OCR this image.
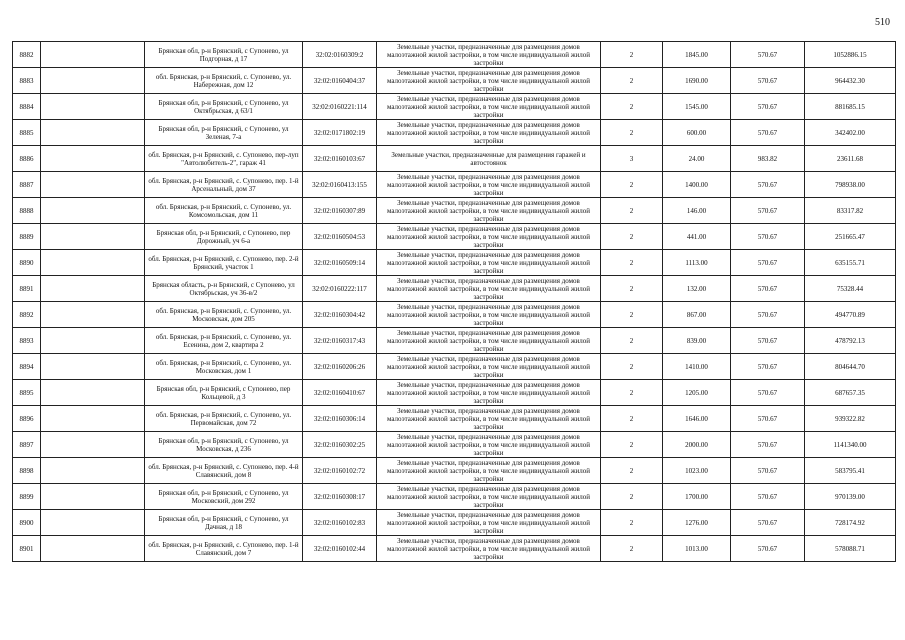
510
8882		Брянская обл, р-н Брянский, с Супонево, ул Подгорная, д 17	32:02:0160309:2	Земельные участки, предназначенные для размещения домов малоэтажной жилой застройки, в том числе индивидуальной жилой застройки	2	1845.00	570.67	1052886.15
8883		обл. Брянская, р-н Брянский, с. Супонево, ул. Набережная, дом 12	32:02:0160404:37	Земельные участки, предназначенные для размещения домов малоэтажной жилой застройки, в том числе индивидуальной жилой застройки	2	1690.00	570.67	964432.30
8884		Брянская обл, р-н Брянский, с Супонево, ул Октябрьская, д 63/1	32:02:0160221:114	Земельные участки, предназначенные для размещения домов малоэтажной жилой застройки, в том числе индивидуальной жилой застройки	2	1545.00	570.67	881685.15
8885		Брянская обл, р-н Брянский, с Супонево, ул Зеленая, 7-а	32:02:0171802:19	Земельные участки, предназначенные для размещения домов малоэтажной жилой застройки, в том числе индивидуальной жилой застройки	2	600.00	570.67	342402.00
8886		обл. Брянская, р-н Брянский, с. Супонево, пер-луп "Автолюбитель-2", гараж 41	32:02:0160103:67	Земельные участки, предназначенные для размещения гаражей и автостоянок	3	24.00	983.82	23611.68
8887		обл. Брянская, р-н Брянский, с. Супонево, пер. 1-й Арсенальный, дом 37	32:02:0160413:155	Земельные участки, предназначенные для размещения домов малоэтажной жилой застройки, в том числе индивидуальной жилой застройки	2	1400.00	570.67	798938.00
8888		обл. Брянская, р-н Брянский, с. Супонево, ул. Комсомольская, дом 11	32:02:0160307:89	Земельные участки, предназначенные для размещения домов малоэтажной жилой застройки, в том числе индивидуальной жилой застройки	2	146.00	570.67	83317.82
8889		Брянская обл, р-н Брянский, с Супонево, пер Дорожный, уч 6-а	32:02:0160504:53	Земельные участки, предназначенные для размещения домов малоэтажной жилой застройки, в том числе индивидуальной жилой застройки	2	441.00	570.67	251665.47
8890		обл. Брянская, р-н Брянский, с. Супонево, пер. 2-й Брянский, участок 1	32:02:0160509:14	Земельные участки, предназначенные для размещения домов малоэтажной жилой застройки, в том числе индивидуальной жилой застройки	2	1113.00	570.67	635155.71
8891		Брянская область, р-н Брянский, с Супонево, ул Октябрьская, уч 36-в/2	32:02:0160222:117	Земельные участки, предназначенные для размещения домов малоэтажной жилой застройки, в том числе индивидуальной жилой застройки	2	132.00	570.67	75328.44
8892		обл. Брянская, р-н Брянский, с. Супонево, ул. Московская, дом 205	32:02:0160304:42	Земельные участки, предназначенные для размещения домов малоэтажной жилой застройки, в том числе индивидуальной жилой застройки	2	867.00	570.67	494770.89
8893		обл. Брянская, р-н Брянский, с. Супонево, ул. Есенина, дом 2, квартира 2	32:02:0160317:43	Земельные участки, предназначенные для размещения домов малоэтажной жилой застройки, в том числе индивидуальной жилой застройки	2	839.00	570.67	478792.13
8894		обл. Брянская, р-н Брянский, с. Супонево, ул. Московская, дом 1	32:02:0160206:26	Земельные участки, предназначенные для размещения домов малоэтажной жилой застройки, в том числе индивидуальной жилой застройки	2	1410.00	570.67	804644.70
8895		Брянская обл, р-н Брянский, с Супонево, пер Кольцевой, д 3	32:02:0160410:67	Земельные участки, предназначенные для размещения домов малоэтажной жилой застройки, в том числе индивидуальной жилой застройки	2	1205.00	570.67	687657.35
8896		обл. Брянская, р-н Брянский, с. Супонево, ул. Первомайская, дом 72	32:02:0160306:14	Земельные участки, предназначенные для размещения домов малоэтажной жилой застройки, в том числе индивидуальной жилой застройки	2	1646.00	570.67	939322.82
8897		Брянская обл, р-н Брянский, с Супонево, ул Московская, д 236	32:02:0160302:25	Земельные участки, предназначенные для размещения домов малоэтажной жилой застройки, в том числе индивидуальной жилой застройки	2	2000.00	570.67	1141340.00
8898		обл. Брянская, р-н Брянский, с. Супонево, пер. 4-й Славянский, дом 8	32:02:0160102:72	Земельные участки, предназначенные для размещения домов малоэтажной жилой застройки, в том числе индивидуальной жилой застройки	2	1023.00	570.67	583795.41
8899		Брянская обл, р-н Брянский, с Супонево, ул Московский, дом 292	32:02:0160308:17	Земельные участки, предназначенные для размещения домов малоэтажной жилой застройки, в том числе индивидуальной жилой застройки	2	1700.00	570.67	970139.00
8900		Брянская обл, р-н Брянский, с Супонево, ул Дачная, д 18	32:02:0160102:83	Земельные участки, предназначенные для размещения домов малоэтажной жилой застройки, в том числе индивидуальной жилой застройки	2	1276.00	570.67	728174.92
8901		обл. Брянская, р-н Брянский, с. Супонево, пер. 1-й Славянский, дом 7	32:02:0160102:44	Земельные участки, предназначенные для размещения домов малоэтажной жилой застройки, в том числе индивидуальной жилой застройки	2	1013.00	570.67	578088.71
